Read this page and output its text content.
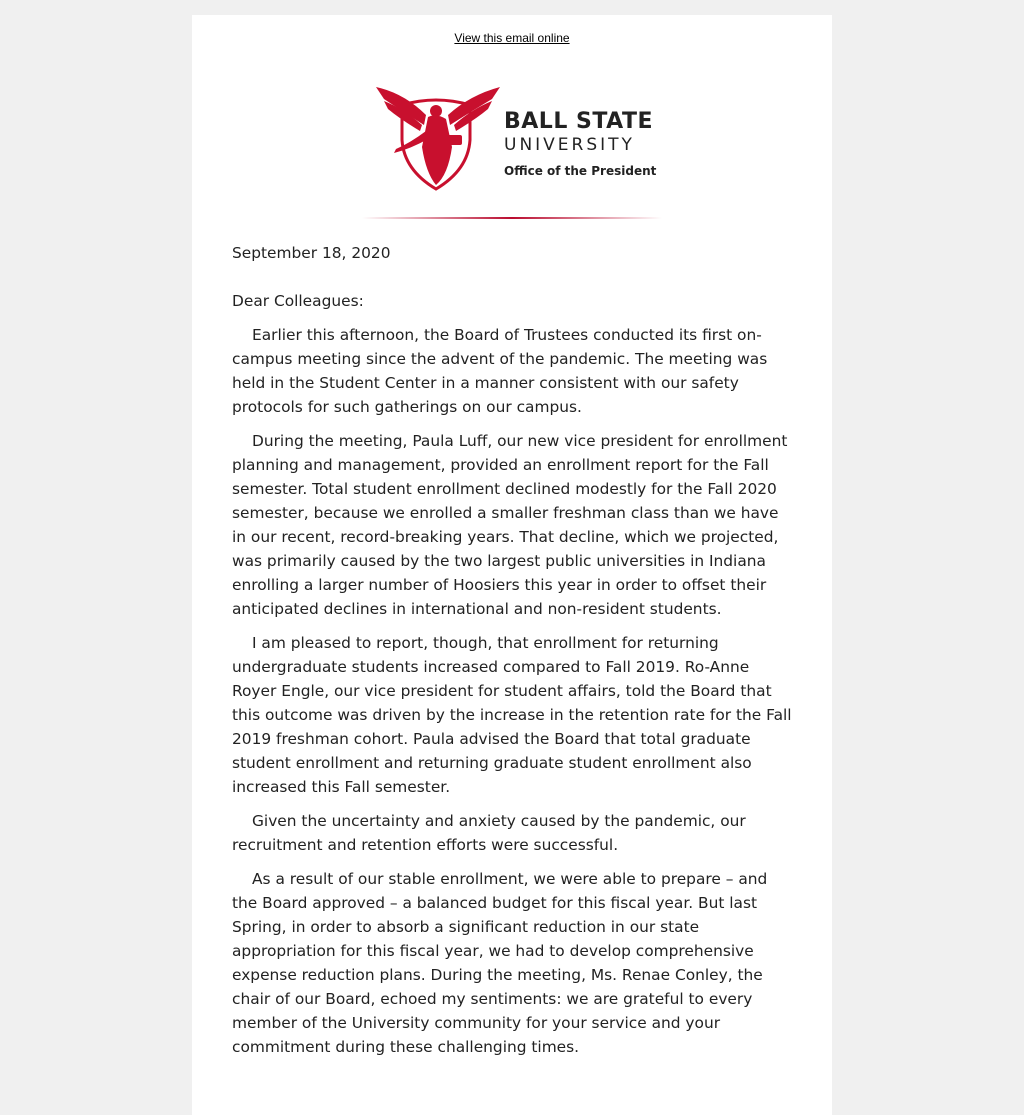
View this email online
BALL STATE
UNIVERSITY
Office of the President

September 18, 2020

Dear Colleagues:

Earlier this afternoon, the Board of Trustees conducted its first on-campus meeting since the advent of the pandemic. The meeting was held in the Student Center in a manner consistent with our safety protocols for such gatherings on our campus.

During the meeting, Paula Luff, our new vice president for enrollment planning and management, provided an enrollment report for the Fall semester. Total student enrollment declined modestly for the Fall 2020 semester, because we enrolled a smaller freshman class than we have in our recent, record-breaking years. That decline, which we projected, was primarily caused by the two largest public universities in Indiana enrolling a larger number of Hoosiers this year in order to offset their anticipated declines in international and non-resident students.

I am pleased to report, though, that enrollment for returning undergraduate students increased compared to Fall 2019. Ro-Anne Royer Engle, our vice president for student affairs, told the Board that this outcome was driven by the increase in the retention rate for the Fall 2019 freshman cohort. Paula advised the Board that total graduate student enrollment and returning graduate student enrollment also increased this Fall semester.

Given the uncertainty and anxiety caused by the pandemic, our recruitment and retention efforts were successful.

As a result of our stable enrollment, we were able to prepare – and the Board approved – a balanced budget for this fiscal year. But last Spring, in order to absorb a significant reduction in our state appropriation for this fiscal year, we had to develop comprehensive expense reduction plans. During the meeting, Ms. Renae Conley, the chair of our Board, echoed my sentiments: we are grateful to every member of the University community for your service and your commitment during these challenging times.
